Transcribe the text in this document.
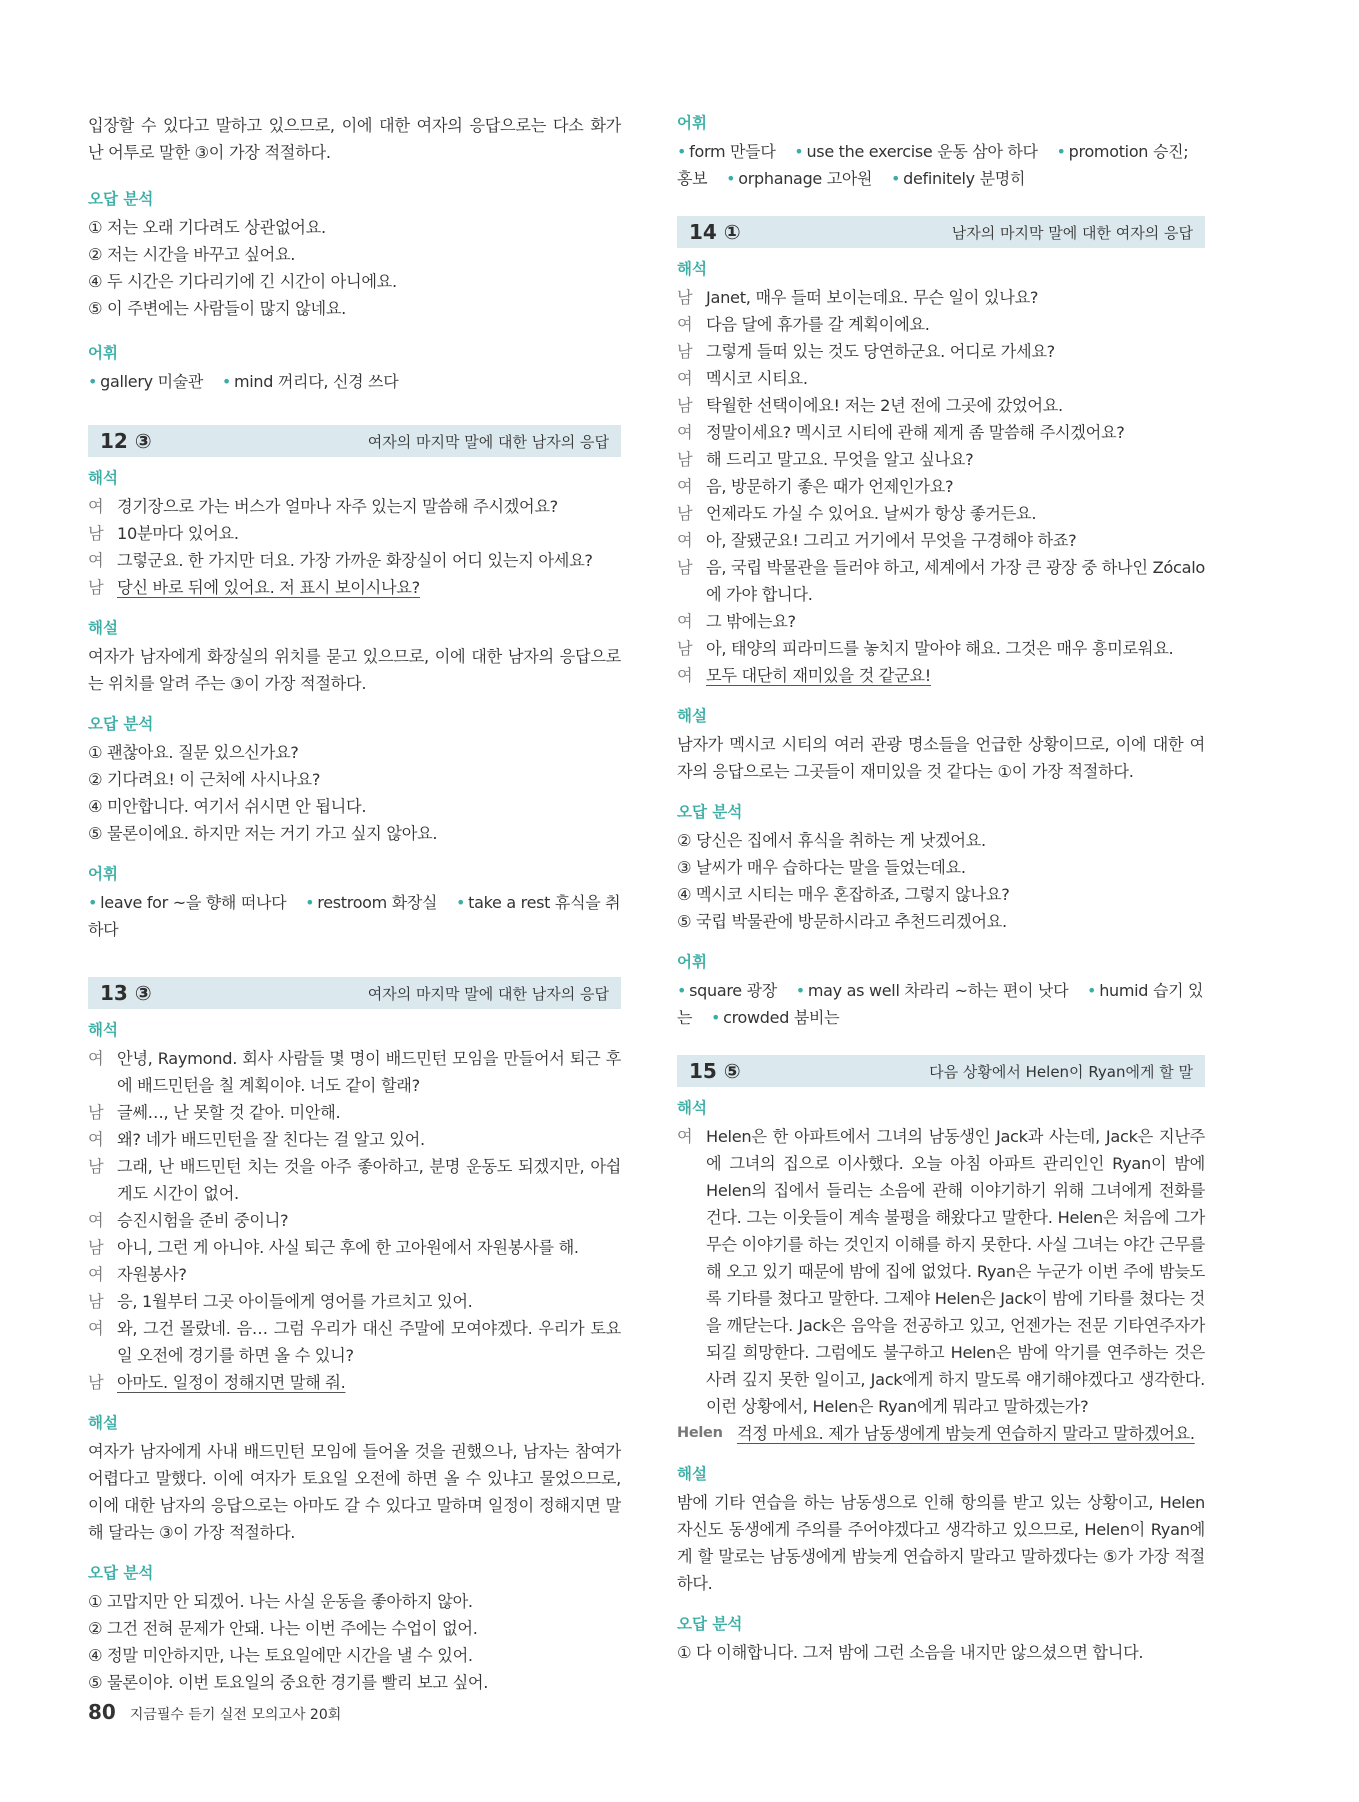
입장할 수 있다고 말하고 있으므로, 이에 대한 여자의 응답으로는 다소 화가 난 어투로 말한 ③이 가장 적절하다.

오답 분석

① 저는 오래 기다려도 상관없어요.

② 저는 시간을 바꾸고 싶어요.

④ 두 시간은 기다리기에 긴 시간이 아니에요.

⑤ 이 주변에는 사람들이 많지 않네요.

어휘

• gallery 미술관 • mind 꺼리다, 신경 쓰다

12 ③	여자의 마지막 말에 대한 남자의 응답
해석
여 경기장으로 가는 버스가 얼마나 자주 있는지 말씀해 주시겠어요?
남 10분마다 있어요.
여 그렇군요. 한 가지만 더요. 가장 가까운 화장실이 어디 있는지 아세요?
남 당신 바로 뒤에 있어요. 저 표시 보이시나요?
해설

여자가 남자에게 화장실의 위치를 묻고 있으므로, 이에 대한 남자의 응답으로는 위치를 알려 주는 ③이 가장 적절하다.

오답 분석

① 괜찮아요. 질문 있으신가요?

② 기다려요! 이 근처에 사시나요?

④ 미안합니다. 여기서 쉬시면 안 됩니다.

⑤ 물론이에요. 하지만 저는 거기 가고 싶지 않아요.

어휘

• leave for ~을 향해 떠나다 • restroom 화장실 • take a rest 휴식을 취하다

13 ③	여자의 마지막 말에 대한 남자의 응답
해석
여 안녕, Raymond. 회사 사람들 몇 명이 배드민턴 모임을 만들어서 퇴근 후에 배드민턴을 칠 계획이야. 너도 같이 할래?
남 글쎄…, 난 못할 것 같아. 미안해.
여 왜? 네가 배드민턴을 잘 친다는 걸 알고 있어.
남 그래, 난 배드민턴 치는 것을 아주 좋아하고, 분명 운동도 되겠지만, 아쉽게도 시간이 없어.
여 승진시험을 준비 중이니?
남 아니, 그런 게 아니야. 사실 퇴근 후에 한 고아원에서 자원봉사를 해.
여 자원봉사?
남 응, 1월부터 그곳 아이들에게 영어를 가르치고 있어.
여 와, 그건 몰랐네. 음… 그럼 우리가 대신 주말에 모여야겠다. 우리가 토요일 오전에 경기를 하면 올 수 있니?
남 아마도. 일정이 정해지면 말해 줘.
해설

여자가 남자에게 사내 배드민턴 모임에 들어올 것을 권했으나, 남자는 참여가 어렵다고 말했다. 이에 여자가 토요일 오전에 하면 올 수 있냐고 물었으므로, 이에 대한 남자의 응답으로는 아마도 갈 수 있다고 말하며 일정이 정해지면 말해 달라는 ③이 가장 적절하다.

오답 분석

① 고맙지만 안 되겠어. 나는 사실 운동을 좋아하지 않아.

② 그건 전혀 문제가 안돼. 나는 이번 주에는 수업이 없어.

④ 정말 미안하지만, 나는 토요일에만 시간을 낼 수 있어.

⑤ 물론이야. 이번 토요일의 중요한 경기를 빨리 보고 싶어.

어휘

• form 만들다 • use the exercise 운동 삼아 하다 • promotion 승진; 홍보 • orphanage 고아원 • definitely 분명히

14 ①	남자의 마지막 말에 대한 여자의 응답
해석
남 Janet, 매우 들떠 보이는데요. 무슨 일이 있나요?
여 다음 달에 휴가를 갈 계획이에요.
남 그렇게 들떠 있는 것도 당연하군요. 어디로 가세요?
여 멕시코 시티요.
남 탁월한 선택이에요! 저는 2년 전에 그곳에 갔었어요.
여 정말이세요? 멕시코 시티에 관해 제게 좀 말씀해 주시겠어요?
남 해 드리고 말고요. 무엇을 알고 싶나요?
여 음, 방문하기 좋은 때가 언제인가요?
남 언제라도 가실 수 있어요. 날씨가 항상 좋거든요.
여 아, 잘됐군요! 그리고 거기에서 무엇을 구경해야 하죠?
남 음, 국립 박물관을 들러야 하고, 세계에서 가장 큰 광장 중 하나인 Zócalo에 가야 합니다.
여 그 밖에는요?
남 아, 태양의 피라미드를 놓치지 말아야 해요. 그것은 매우 흥미로워요.
여 모두 대단히 재미있을 것 같군요!
해설

남자가 멕시코 시티의 여러 관광 명소들을 언급한 상황이므로, 이에 대한 여자의 응답으로는 그곳들이 재미있을 것 같다는 ①이 가장 적절하다.

오답 분석

② 당신은 집에서 휴식을 취하는 게 낫겠어요.

③ 날씨가 매우 습하다는 말을 들었는데요.

④ 멕시코 시티는 매우 혼잡하죠, 그렇지 않나요?

⑤ 국립 박물관에 방문하시라고 추천드리겠어요.

어휘

• square 광장 • may as well 차라리 ~하는 편이 낫다 • humid 습기 있는 • crowded 붐비는

15 ⑤	다음 상황에서 Helen이 Ryan에게 할 말
해석
여 Helen은 한 아파트에서 그녀의 남동생인 Jack과 사는데, Jack은 지난주에 그녀의 집으로 이사했다. 오늘 아침 아파트 관리인인 Ryan이 밤에 Helen의 집에서 들리는 소음에 관해 이야기하기 위해 그녀에게 전화를 건다. 그는 이웃들이 계속 불평을 해왔다고 말한다. Helen은 처음에 그가 무슨 이야기를 하는 것인지 이해를 하지 못한다. 사실 그녀는 야간 근무를 해 오고 있기 때문에 밤에 집에 없었다. Ryan은 누군가 이번 주에 밤늦도록 기타를 쳤다고 말한다. 그제야 Helen은 Jack이 밤에 기타를 쳤다는 것을 깨닫는다. Jack은 음악을 전공하고 있고, 언젠가는 전문 기타연주자가 되길 희망한다. 그럼에도 불구하고 Helen은 밤에 악기를 연주하는 것은 사려 깊지 못한 일이고, Jack에게 하지 말도록 얘기해야겠다고 생각한다. 이런 상황에서, Helen은 Ryan에게 뭐라고 말하겠는가?
Helen 걱정 마세요. 제가 남동생에게 밤늦게 연습하지 말라고 말하겠어요.
해설

밤에 기타 연습을 하는 남동생으로 인해 항의를 받고 있는 상황이고, Helen 자신도 동생에게 주의를 주어야겠다고 생각하고 있으므로, Helen이 Ryan에게 할 말로는 남동생에게 밤늦게 연습하지 말라고 말하겠다는 ⑤가 가장 적절하다.

오답 분석

① 다 이해합니다. 그저 밤에 그런 소음을 내지만 않으셨으면 합니다.

80 지금필수 듣기 실전 모의고사 20회
